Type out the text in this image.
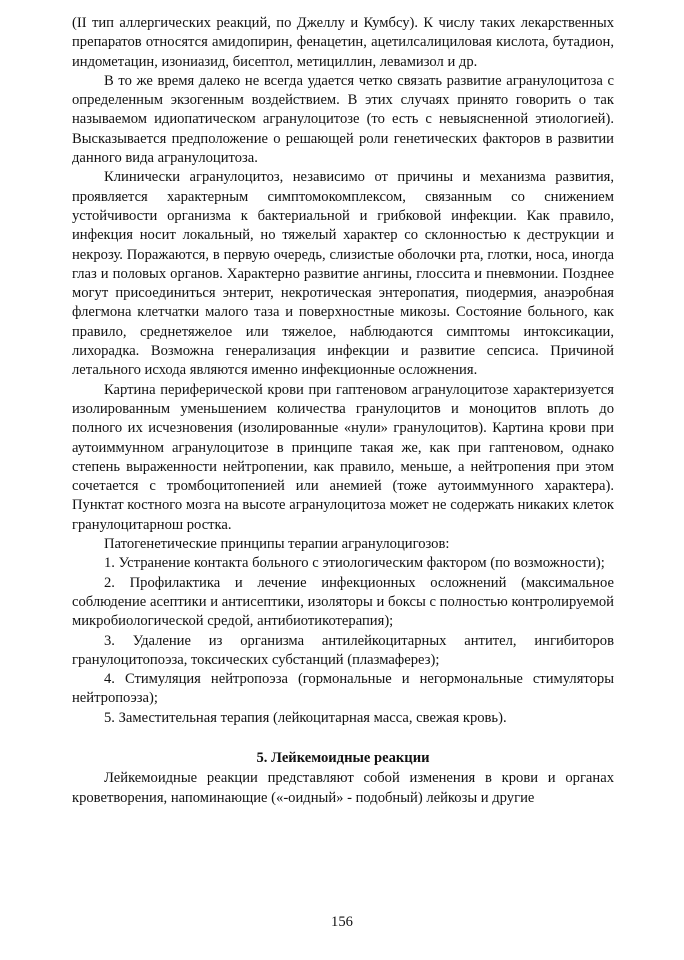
(II тип аллергических реакций, по Джеллу и Кумбсу). К числу таких лекарственных препаратов относятся амидопирин, фенацетин, ацетилсалициловая кислота, бутадион, индометацин, изониазид, бисептол, метициллин, левамизол и др.

В то же время далеко не всегда удается четко связать развитие агранулоцитоза с определенным экзогенным воздействием. В этих случаях принято говорить о так называемом идиопатическом агранулоцитозе (то есть с невыясненной этиологией). Высказывается предположение о решающей роли генетических факторов в развитии данного вида агранулоцитоза.

Клинически агранулоцитоз, независимо от причины и механизма развития, проявляется характерным симптомокомплексом, связанным со снижением устойчивости организма к бактериальной и грибковой инфекции. Как правило, инфекция носит локальный, но тяжелый характер со склонностью к деструкции и некрозу. Поражаются, в первую очередь, слизистые оболочки рта, глотки, носа, иногда глаз и половых органов. Характерно развитие ангины, глоссита и пневмонии. Позднее могут присоединиться энтерит, некротическая энтеропатия, пиодермия, анаэробная флегмона клетчатки малого таза и поверхностные микозы. Состояние больного, как правило, среднетяжелое или тяжелое, наблюдаются симптомы интоксикации, лихорадка. Возможна генерализация инфекции и развитие сепсиса. Причиной летального исхода являются именно инфекционные осложнения.

Картина периферической крови при гаптеновом агранулоцитозе характеризуется изолированным уменьшением количества гранулоцитов и моноцитов вплоть до полного их исчезновения (изолированные «нули» гранулоцитов). Картина крови при аутоиммунном агранулоцитозе в принципе такая же, как при гаптеновом, однако степень выраженности нейтропении, как правило, меньше, а нейтропения при этом сочетается с тромбоцитопенией или анемией (тоже аутоиммунного характера). Пунктат костного мозга на высоте агранулоцитоза может не содержать никаких клеток гранулоцитарнош ростка.

Патогенетические принципы терапии агранулоцигозов:

1. Устранение контакта больного с этиологическим фактором (по возможности);

2. Профилактика и лечение инфекционных осложнений (максимальное соблюдение асептики и антисептики, изоляторы и боксы с полностью контролируемой микробиологической средой, антибиотикотерапия);

3. Удаление из организма антилейкоцитарных антител, ингибиторов гранулоцитопоэза, токсических субстанций (плазмаферез);

4. Стимуляция нейтропоэза (гормональные и негормональные стимуляторы нейтропоэза);

5. Заместительная терапия (лейкоцитарная масса, свежая кровь).

5. Лейкемоидные реакции

Лейкемоидные реакции представляют собой изменения в крови и органах кроветворения, напоминающие («-оидный» - подобный) лейкозы и другие

156
